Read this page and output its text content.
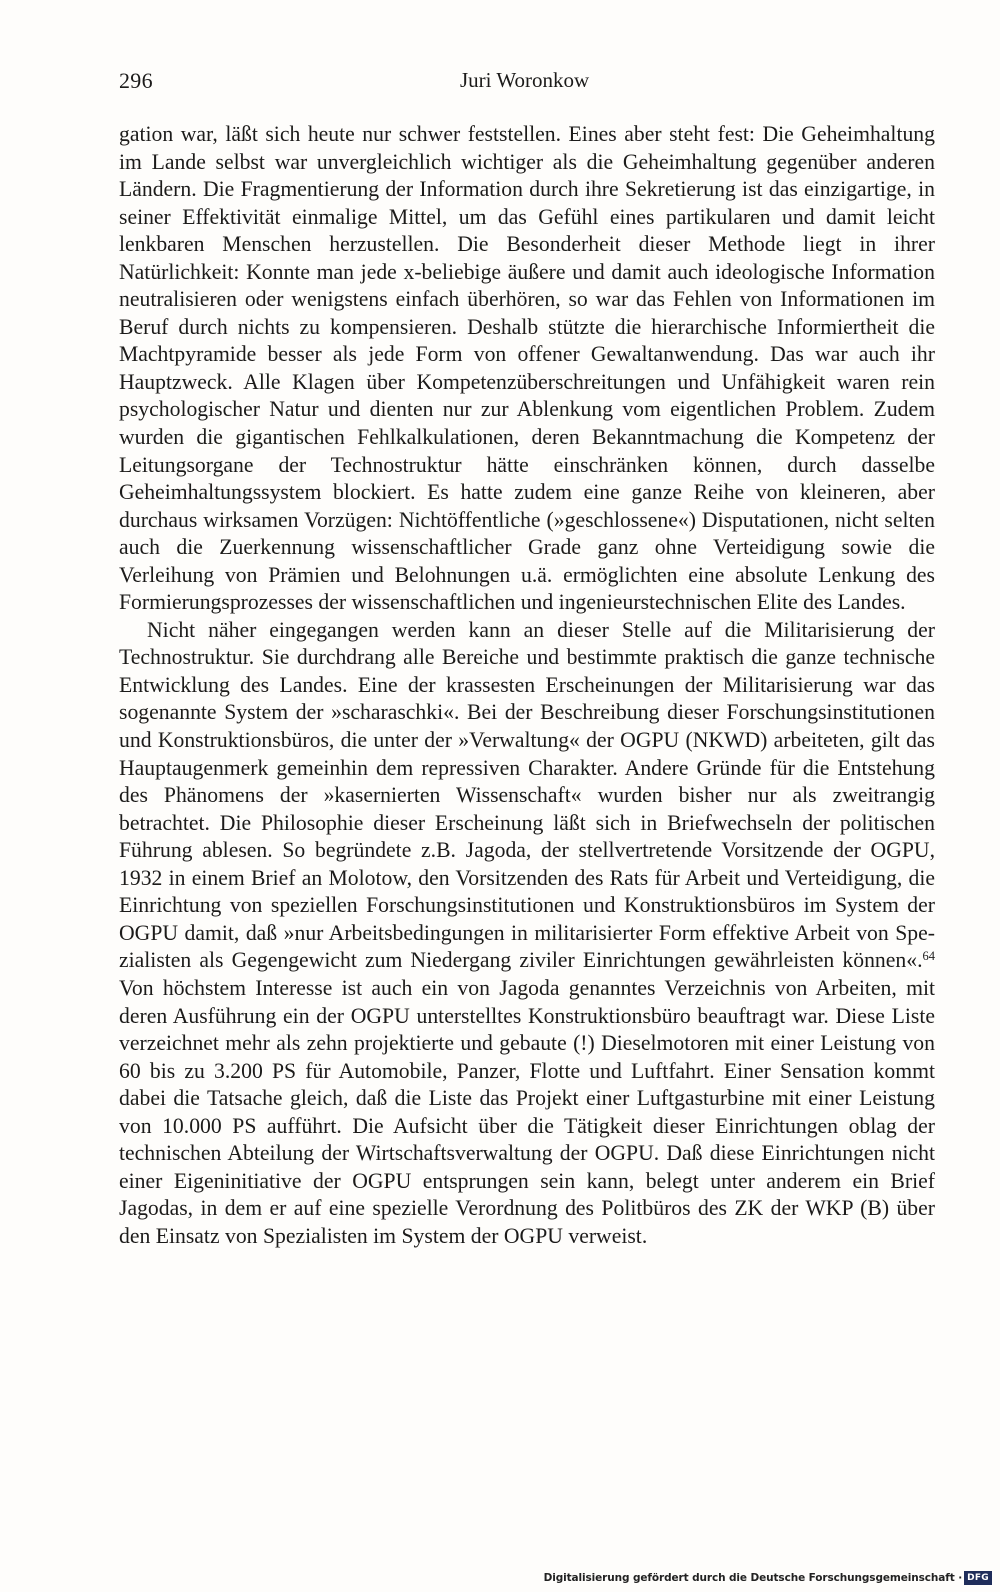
296	Juri Woronkow

gation war, läßt sich heute nur schwer feststellen. Eines aber steht fest: Die Geheimhaltung im Lande selbst war unvergleichlich wichtiger als die Geheimhaltung gegenüber anderen Ländern. Die Fragmentierung der Information durch ihre Sekretierung ist das einzigartige, in seiner Effektivität einmalige Mittel, um das Gefühl eines partikularen und damit leicht lenkbaren Menschen herzustellen. Die Besonderheit dieser Methode liegt in ihrer Natürlichkeit: Konnte man jede x-beliebige äußere und damit auch ideologische Information neutralisieren oder wenigstens einfach überhören, so war das Fehlen von Informationen im Beruf durch nichts zu kompensieren. Deshalb stützte die hierarchische Informiertheit die Machtpyramide besser als jede Form von offener Gewaltanwendung. Das war auch ihr Hauptzweck. Alle Klagen über Kompetenzüberschreitungen und Unfähigkeit waren rein psychologischer Natur und dienten nur zur Ablenkung vom eigentlichen Problem. Zudem wurden die gigantischen Fehlkalkulationen, deren Bekanntmachung die Kompetenz der Leitungsorgane der Technostruktur hätte einschränken können, durch dasselbe Geheimhaltungssystem blockiert. Es hatte zudem eine ganze Reihe von kleineren, aber durchaus wirksamen Vorzügen: Nichtöffentliche (»geschlossene«) Disputationen, nicht selten auch die Zuerkennung wissenschaftlicher Grade ganz ohne Verteidigung sowie die Verleihung von Prämien und Belohnungen u.ä. ermöglichten eine absolute Lenkung des Formierungsprozesses der wissenschaftlichen und ingenieurstechnischen Elite des Landes.

Nicht näher eingegangen werden kann an dieser Stelle auf die Militarisierung der Technostruktur. Sie durchdrang alle Bereiche und bestimmte praktisch die ganze technische Entwicklung des Landes. Eine der krassesten Erscheinungen der Militarisierung war das sogenannte System der »scharaschki«. Bei der Beschreibung dieser Forschungsinstitutionen und Konstruktionsbüros, die unter der »Verwaltung« der OGPU (NKWD) arbeiteten, gilt das Hauptaugenmerk gemeinhin dem repressiven Charakter. Andere Gründe für die Entstehung des Phänomens der »kasernierten Wissenschaft« wurden bisher nur als zweitrangig betrachtet. Die Philosophie dieser Erscheinung läßt sich in Briefwechseln der politischen Führung ablesen. So begründete z.B. Jagoda, der stellvertretende Vorsitzende der OGPU, 1932 in einem Brief an Molotow, den Vorsitzenden des Rats für Arbeit und Verteidigung, die Einrichtung von speziellen Forschungsinstitutionen und Konstruktionsbüros im System der OGPU damit, daß »nur Arbeitsbedingungen in militarisierter Form effektive Arbeit von Spezialisten als Gegengewicht zum Niedergang ziviler Einrichtungen gewährleisten können«.$^{64}$ Von höchstem Interesse ist auch ein von Jagoda genanntes Verzeichnis von Arbeiten, mit deren Ausführung ein der OGPU unterstelltes Konstruktionsbüro beauftragt war. Diese Liste verzeichnet mehr als zehn projektierte und gebaute (!) Dieselmotoren mit einer Leistung von 60 bis zu 3.200 PS für Automobile, Panzer, Flotte und Luftfahrt. Einer Sensation kommt dabei die Tatsache gleich, daß die Liste das Projekt einer Luftgasturbine mit einer Leistung von 10.000 PS aufführt. Die Aufsicht über die Tätigkeit dieser Einrichtungen oblag der technischen Abteilung der Wirtschaftsverwaltung der OGPU. Daß diese Einrichtungen nicht einer Eigeninitiative der OGPU entsprungen sein kann, belegt unter anderem ein Brief Jagodas, in dem er auf eine spezielle Verordnung des Politbüros des ZK der WKP (B) über den Einsatz von Spezialisten im System der OGPU verweist.

Digitalisierung gefördert durch die Deutsche Forschungsgemeinschaft · DFG
